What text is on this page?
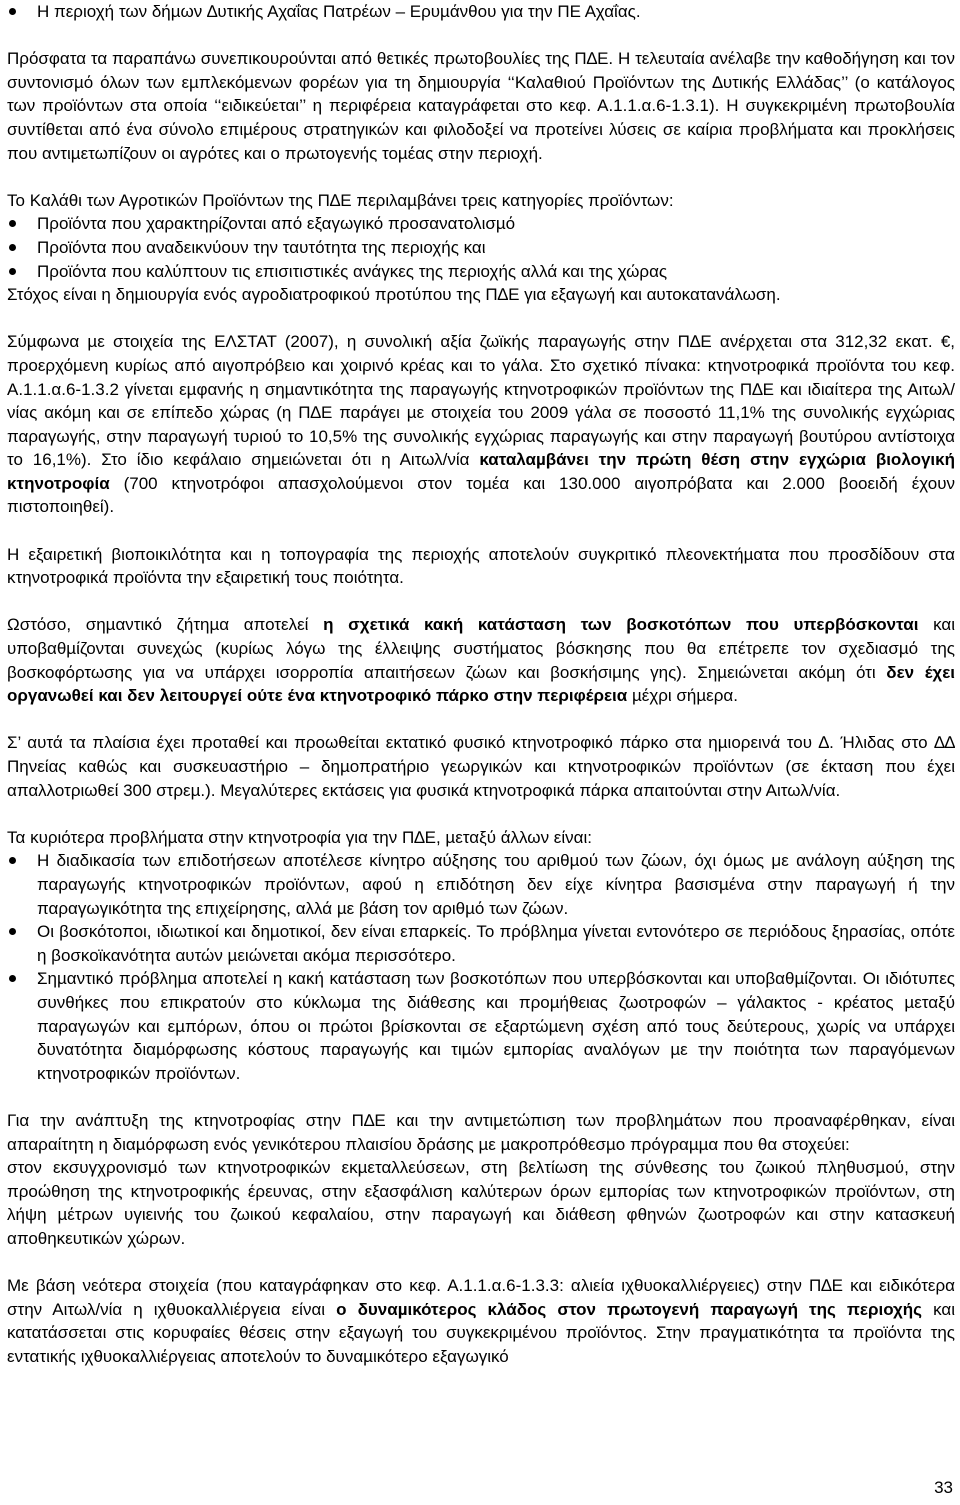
Η περιοχή των δήµων ∆υτικής Αχαΐας Πατρέων – Ερυµάνθου για την ΠΕ Αχαΐας.

Πρόσφατα τα παραπάνω συνεπικουρούνται από θετικές πρωτοβουλίες της Π∆Ε. Η τελευταία ανέλαβε την καθοδήγηση και τον συντονισµό όλων των εµπλεκόµενων φορέων για τη δηµιουργία ‘‘Καλαθιού Προϊόντων της ∆υτικής Ελλάδας’’ (ο κατάλογος των προϊόντων στα οποία ‘‘ειδικεύεται’’ η περιφέρεια καταγράφεται στο κεφ. Α.1.1.α.6-1.3.1). Η συγκεκριµένη πρωτοβουλία συντίθεται από ένα σύνολο επιµέρους στρατηγικών και φιλοδοξεί να προτείνει λύσεις σε καίρια προβλήµατα και προκλήσεις που αντιµετωπίζουν οι αγρότες και ο πρωτογενής τοµέας στην περιοχή.

Το Καλάθι των Αγροτικών Προϊόντων της Π∆Ε περιλαµβάνει τρεις κατηγορίες προϊόντων:

Προϊόντα που χαρακτηρίζονται από εξαγωγικό προσανατολισµό
Προϊόντα που αναδεικνύουν την ταυτότητα της περιοχής και
Προϊόντα που καλύπτουν τις επισιτιστικές ανάγκες της περιοχής αλλά και της χώρας

Στόχος είναι η δηµιουργία ενός αγροδιατροφικού προτύπου της Π∆Ε για εξαγωγή και αυτοκατανάλωση.

Σύµφωνα µε στοιχεία της ΕΛΣΤΑΤ (2007), η συνολική αξία ζωϊκής παραγωγής στην Π∆Ε ανέρχεται στα 312,32 εκατ. €, προερχόµενη κυρίως από αιγοπρόβειο και χοιρινό κρέας και το γάλα. Στο σχετικό πίνακα: κτηνοτροφικά προϊόντα του κεφ. Α.1.1.α.6-1.3.2 γίνεται εµφανής η σηµαντικότητα της παραγωγής κτηνοτροφικών προϊόντων της Π∆Ε και ιδιαίτερα της Αιτωλ/νίας ακόµη και σε επίπεδο χώρας (η Π∆Ε παράγει µε στοιχεία του 2009 γάλα σε ποσοστό 11,1% της συνολικής εγχώριας παραγωγής, στην παραγωγή τυριού το 10,5% της συνολικής εγχώριας παραγωγής και στην παραγωγή βουτύρου αντίστοιχα το 16,1%). Στο ίδιο κεφάλαιο σηµειώνεται ότι η Αιτωλ/νία καταλαµβάνει την πρώτη θέση στην εγχώρια βιολογική κτηνοτροφία (700 κτηνοτρόφοι απασχολούµενοι στον τοµέα και 130.000 αιγοπρόβατα και 2.000 βοοειδή έχουν πιστοποιηθεί).

Η εξαιρετική βιοποικιλότητα και η τοπογραφία της περιοχής αποτελούν συγκριτικό πλεονεκτήµατα που προσδίδουν στα κτηνοτροφικά προϊόντα την εξαιρετική τους ποιότητα.

Ωστόσο, σηµαντικό ζήτηµα αποτελεί η σχετικά κακή κατάσταση των βοσκοτόπων που υπερβόσκονται και υποβαθµίζονται συνεχώς (κυρίως λόγω της έλλειψης συστήµατος βόσκησης που θα επέτρεπε τον σχεδιασµό της βοσκοφόρτωσης για να υπάρχει ισορροπία απαιτήσεων ζώων και βοσκήσιµης γης). Σηµειώνεται ακόµη ότι δεν έχει οργανωθεί και δεν λειτουργεί ούτε ένα κτηνοτροφικό πάρκο στην περιφέρεια µέχρι σήµερα.

Σ’ αυτά τα πλαίσια έχει προταθεί και προωθείται εκτατικό φυσικό κτηνοτροφικό πάρκο στα ηµιορεινά του ∆. Ήλιδας στο ∆∆ Πηνείας καθώς και συσκευαστήριο – δηµοπρατήριο γεωργικών και κτηνοτροφικών προϊόντων (σε έκταση που έχει απαλλοτριωθεί 300 στρεµ.). Μεγαλύτερες εκτάσεις για φυσικά κτηνοτροφικά πάρκα απαιτούνται στην Αιτωλ/νία.

Τα κυριότερα προβλήµατα στην κτηνοτροφία για την Π∆Ε, µεταξύ άλλων είναι:

Η διαδικασία των επιδοτήσεων αποτέλεσε κίνητρο αύξησης του αριθµού των ζώων, όχι όµως με ανάλογη αύξηση της παραγωγής κτηνοτροφικών προϊόντων, αφού η επιδότηση δεν είχε κίνητρα βασισµένα στην παραγωγή ή την παραγωγικότητα της επιχείρησης, αλλά µε βάση τον αριθµό των ζώων.
Οι βοσκότοποι, ιδιωτικοί και δηµοτικοί, δεν είναι επαρκείς. Το πρόβληµα γίνεται εντονότερο σε περιόδους ξηρασίας, οπότε η βοσκοϊκανότητα αυτών µειώνεται ακόµα περισσότερο.
Σηµαντικό πρόβληµα αποτελεί η κακή κατάσταση των βοσκοτόπων που υπερβόσκονται και υποβαθµίζονται. Οι ιδιότυπες συνθήκες που επικρατούν στο κύκλωµα της διάθεσης και προµήθειας ζωοτροφών – γάλακτος - κρέατος µεταξύ παραγωγών και εµπόρων, όπου οι πρώτοι βρίσκονται σε εξαρτώµενη σχέση από τους δεύτερους, χωρίς να υπάρχει δυνατότητα διαµόρφωσης κόστους παραγωγής και τιµών εµπορίας αναλόγων µε την ποιότητα των παραγόµενων κτηνοτροφικών προϊόντων.

Για την ανάπτυξη της κτηνοτροφίας στην Π∆Ε και την αντιµετώπιση των προβληµάτων που προαναφέρθηκαν, είναι απαραίτητη η διαµόρφωση ενός γενικότερου πλαισίου δράσης µε µακροπρόθεσµο πρόγραµµα που θα στοχεύει:

στον εκσυγχρονισµό των κτηνοτροφικών εκµεταλλεύσεων, στη βελτίωση της σύνθεσης του ζωικού πληθυσµού, στην προώθηση της κτηνοτροφικής έρευνας, στην εξασφάλιση καλύτερων όρων εµπορίας των κτηνοτροφικών προϊόντων, στη λήψη µέτρων υγιεινής του ζωικού κεφαλαίου, στην παραγωγή και διάθεση φθηνών ζωοτροφών και στην κατασκευή αποθηκευτικών χώρων.

Με βάση νεότερα στοιχεία (που καταγράφηκαν στο κεφ. Α.1.1.α.6-1.3.3: αλιεία ιχθυοκαλλιέργειες) στην Π∆Ε και ειδικότερα στην Αιτωλ/νία η ιχθυοκαλλιέργεια είναι ο δυναµικότερος κλάδος στον πρωτογενή παραγωγή της περιοχής και κατατάσσεται στις κορυφαίες θέσεις στην εξαγωγή του συγκεκριµένου προϊόντος. Στην πραγµατικότητα τα προϊόντα της εντατικής ιχθυοκαλλιέργειας αποτελούν το δυναµικότερο εξαγωγικό

33
